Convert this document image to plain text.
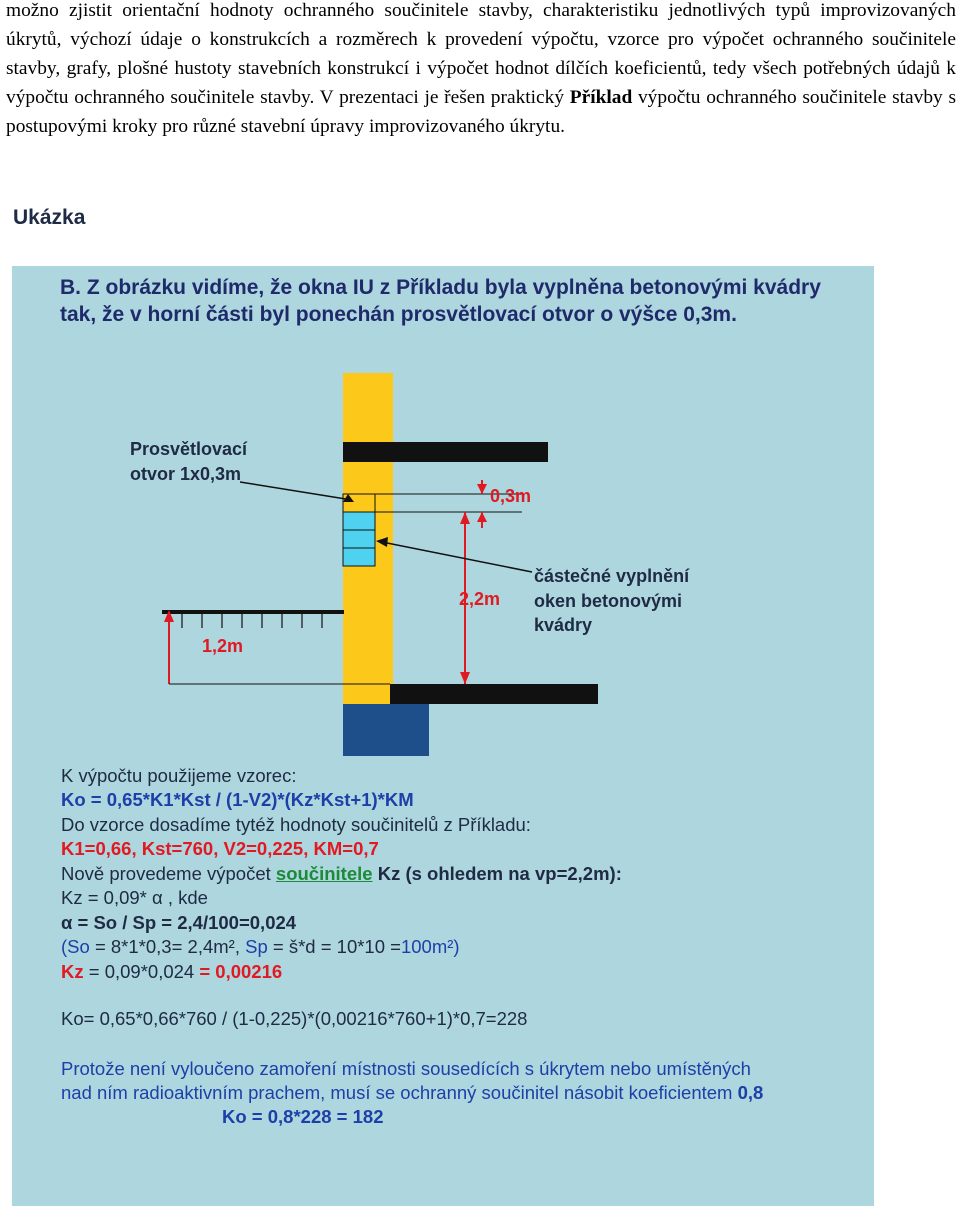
možno zjistit orientační hodnoty ochranného součinitele stavby, charakteristiku jednotlivých typů improvizovaných úkrytů, výchozí údaje o konstrukcích a rozměrech k provedení výpočtu, vzorce pro výpočet ochranného součinitele stavby, grafy, plošné hustoty stavebních konstrukcí i výpočet hodnot dílčích koeficientů, tedy všech potřebných údajů k výpočtu ochranného součinitele stavby. V prezentaci je řešen praktický Příklad výpočtu ochranného součinitele stavby s postupovými kroky pro různé stavební úpravy improvizovaného úkrytu.
Ukázka
B. Z obrázku vidíme, že okna IU z Příkladu byla vyplněna betonovými kvádry tak, že v horní části byl ponechán prosvětlovací otvor o výšce 0,3m.
Prosvětlovací
otvor 1x0,3m
0,3m
2,2m
1,2m
částečné vyplnění
oken betonovými
kvádry
K výpočtu použijeme vzorec:
Ko = 0,65*K1*Kst / (1-V2)*(Kz*Kst+1)*KM
Do vzorce dosadíme tytéž hodnoty součinitelů z Příkladu:
K1=0,66, Kst=760, V2=0,225, KM=0,7
Nově provedeme výpočet součinitele Kz (s ohledem na vp=2,2m):
Kz = 0,09* α , kde
α = So / Sp = 2,4/100=0,024
(So = 8*1*0,3= 2,4m², Sp = š*d = 10*10 =100m²)
Kz = 0,09*0,024 = 0,00216
Ko= 0,65*0,66*760 / (1-0,225)*(0,00216*760+1)*0,7=228
Protože není vyloučeno zamoření místnosti sousedících s úkrytem nebo umístěných
nad ním radioaktivním prachem, musí se ochranný součinitel násobit koeficientem 0,8
Ko = 0,8*228 = 182
